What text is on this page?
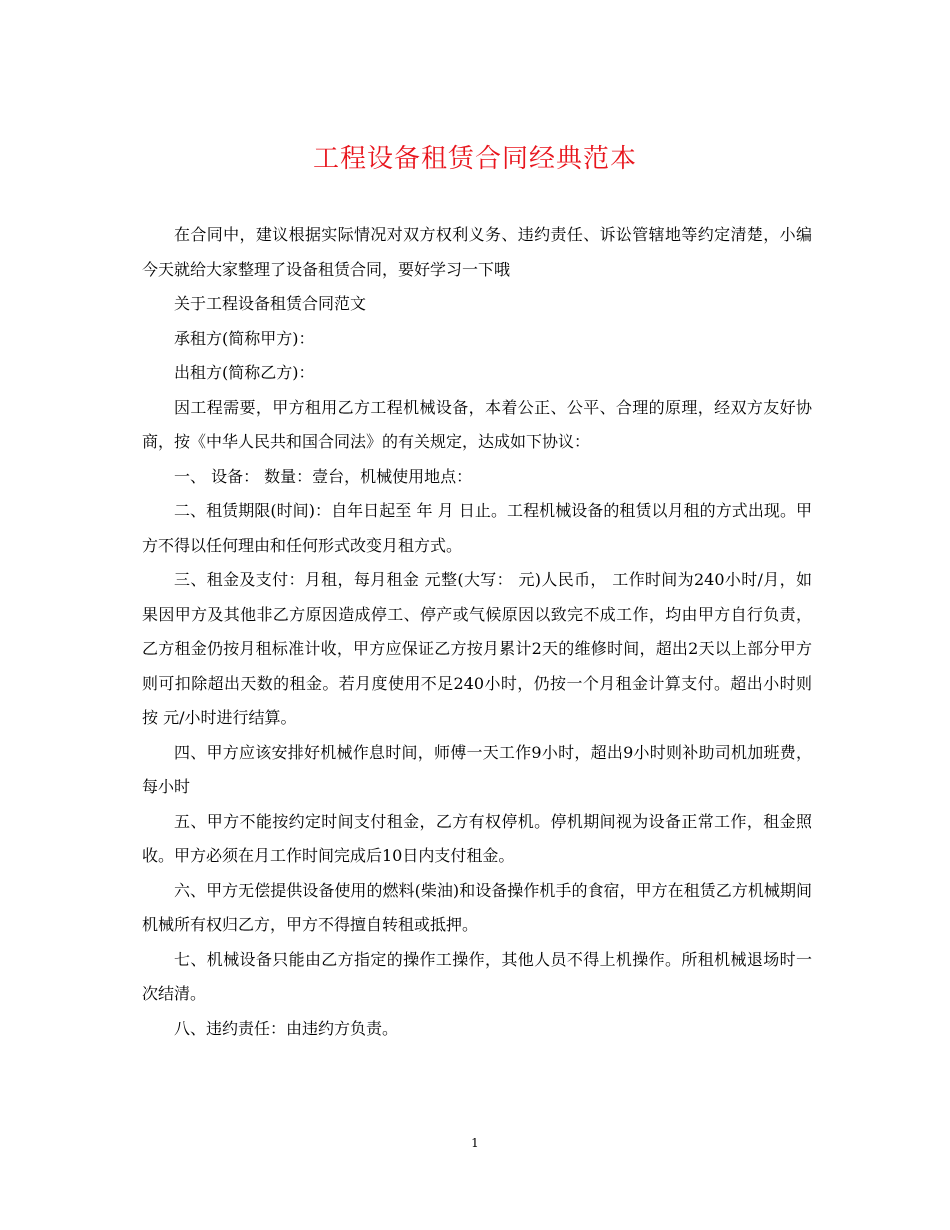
工程设备租赁合同经典范本

在合同中，建议根据实际情况对双方权利义务、违约责任、诉讼管辖地等约定清楚，小编今天就给大家整理了设备租赁合同，要好学习一下哦

关于工程设备租赁合同范文

承租方(简称甲方)：

出租方(简称乙方)：

因工程需要，甲方租用乙方工程机械设备，本着公正、公平、合理的原理，经双方友好协商，按《中华人民共和国合同法》的有关规定，达成如下协议：

一、 设备： 数量：壹台，机械使用地点：

二、租赁期限(时间)：自年日起至 年 月 日止。工程机械设备的租赁以月租的方式出现。甲方不得以任何理由和任何形式改变月租方式。

三、租金及支付：月租，每月租金 元整(大写： 元)人民币， 工作时间为240小时/月，如果因甲方及其他非乙方原因造成停工、停产或气候原因以致完不成工作，均由甲方自行负责，乙方租金仍按月租标准计收，甲方应保证乙方按月累计2天的维修时间，超出2天以上部分甲方则可扣除超出天数的租金。若月度使用不足240小时，仍按一个月租金计算支付。超出小时则按 元/小时进行结算。

四、甲方应该安排好机械作息时间，师傅一天工作9小时，超出9小时则补助司机加班费，每小时

五、甲方不能按约定时间支付租金，乙方有权停机。停机期间视为设备正常工作，租金照收。甲方必须在月工作时间完成后10日内支付租金。

六、甲方无偿提供设备使用的燃料(柴油)和设备操作机手的食宿，甲方在租赁乙方机械期间机械所有权归乙方，甲方不得擅自转租或抵押。

七、机械设备只能由乙方指定的操作工操作，其他人员不得上机操作。所租机械退场时一次结清。

八、违约责任：由违约方负责。

1
